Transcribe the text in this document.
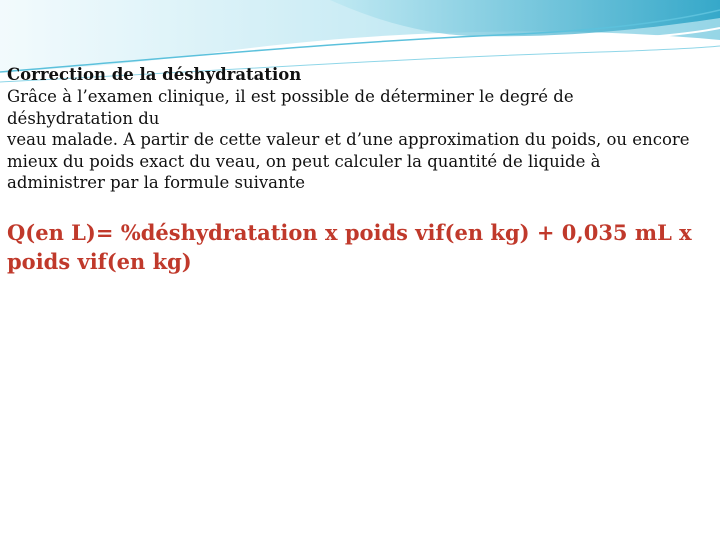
Correction de la déshydratation

Grâce à l’examen clinique, il est possible de déterminer le degré de

déshydratation du

veau malade. A partir de cette valeur et d’une approximation du poids, ou encore

mieux du poids exact du veau, on peut calculer la quantité de liquide à

administrer par la formule suivante

Q(en L)= %déshydratation x poids vif(en kg) + 0,035 mL x
poids vif(en kg)
